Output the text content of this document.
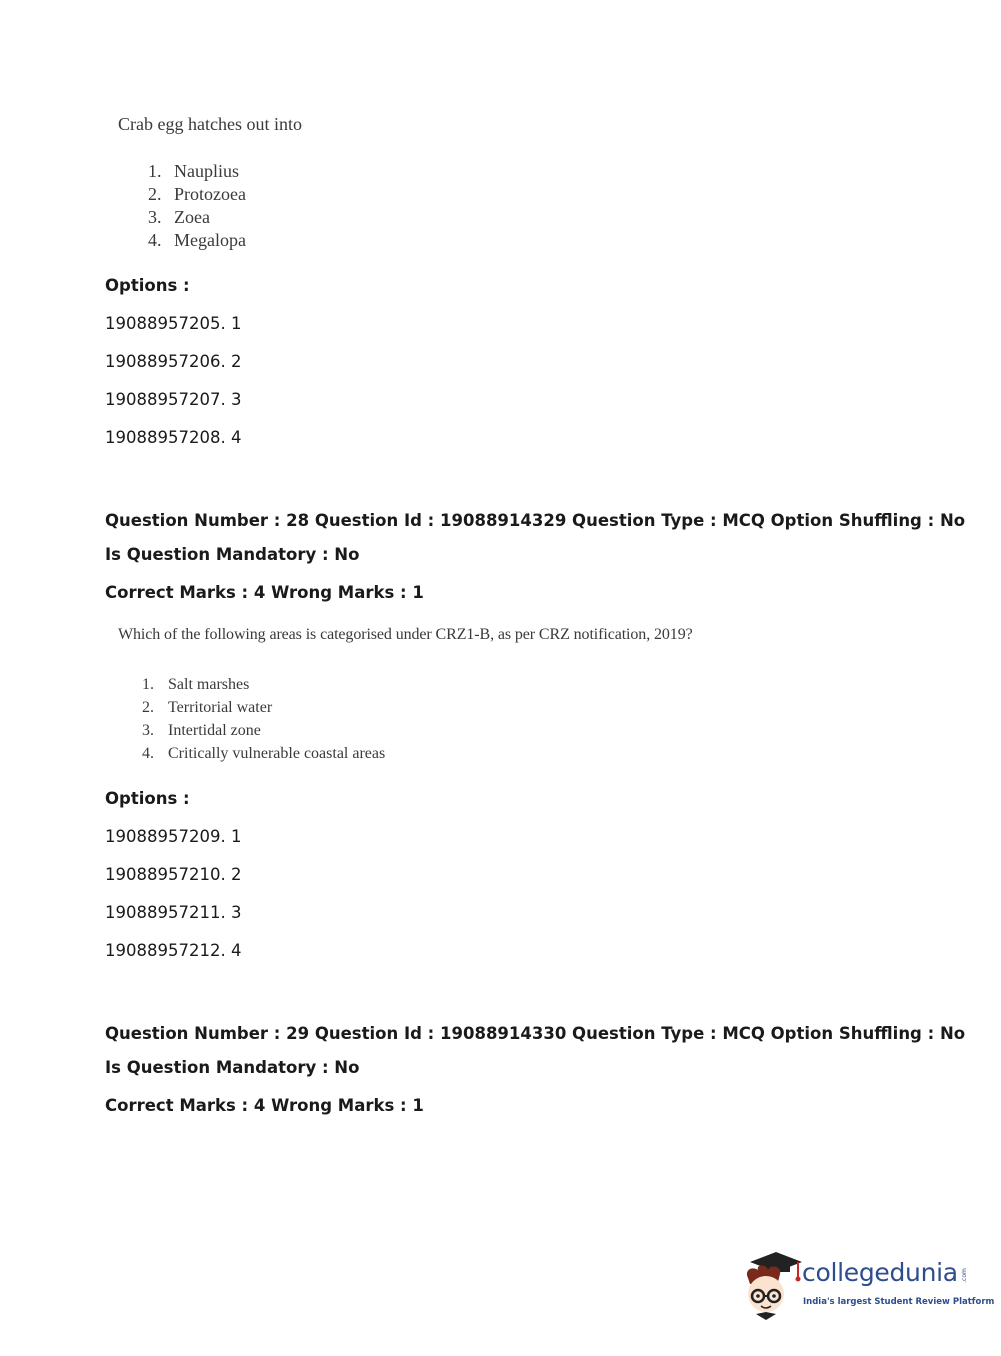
Crab egg hatches out into
1. Nauplius
2. Protozoea
3. Zoea
4. Megalopa
Options :
19088957205. 1
19088957206. 2
19088957207. 3
19088957208. 4
Question Number : 28 Question Id : 19088914329 Question Type : MCQ Option Shuffling : No
Is Question Mandatory : No
Correct Marks : 4 Wrong Marks : 1
Which of the following areas is categorised under CRZ1-B, as per CRZ notification, 2019?
1. Salt marshes
2. Territorial water
3. Intertidal zone
4. Critically vulnerable coastal areas
Options :
19088957209. 1
19088957210. 2
19088957211. 3
19088957212. 4
Question Number : 29 Question Id : 19088914330 Question Type : MCQ Option Shuffling : No
Is Question Mandatory : No
Correct Marks : 4 Wrong Marks : 1
collegedunia .com
India's largest Student Review Platform
